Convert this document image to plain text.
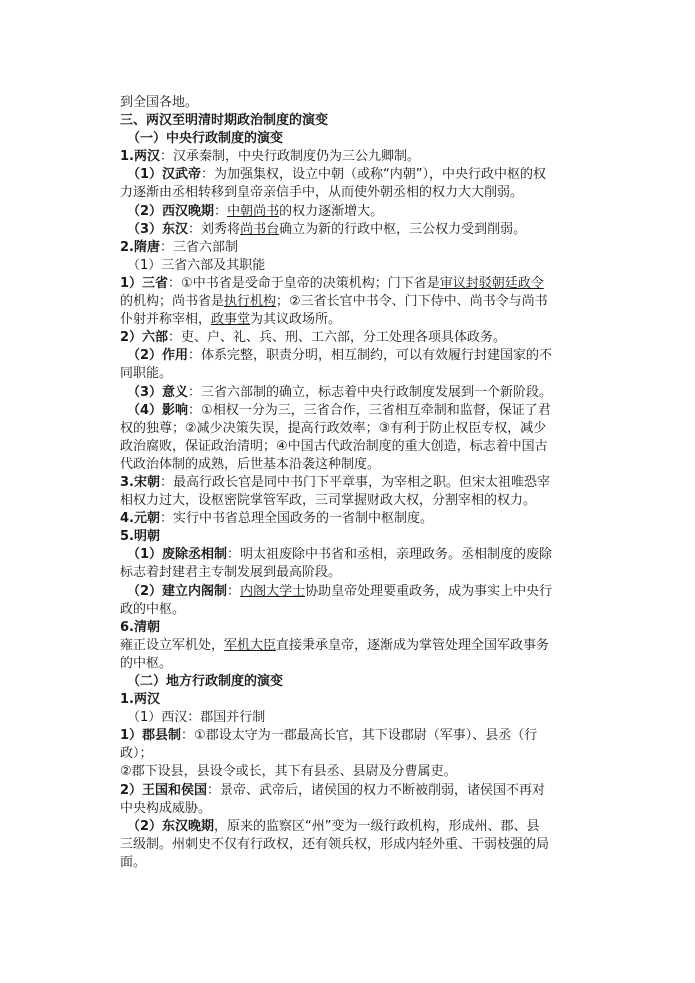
到全国各地。
三、两汉至明清时期政治制度的演变
（一）中央行政制度的演变
1.两汉：汉承秦制，中央行政制度仍为三公九卿制。
（1）汉武帝：为加强集权，设立中朝（或称“内朝”），中央行政中枢的权
力逐渐由丞相转移到皇帝亲信手中，从而使外朝丞相的权力大大削弱。
（2）西汉晚期：中朝尚书的权力逐渐增大。
（3）东汉：刘秀将尚书台确立为新的行政中枢，三公权力受到削弱。
2.隋唐：三省六部制
（1）三省六部及其职能
1）三省：①中书省是受命于皇帝的决策机构；门下省是审议封驳朝廷政令
的机构；尚书省是执行机构；②三省长官中书令、门下侍中、尚书令与尚书
仆射并称宰相，政事堂为其议政场所。
2）六部：吏、户、礼、兵、刑、工六部，分工处理各项具体政务。
（2）作用：体系完整，职责分明，相互制约，可以有效履行封建国家的不
同职能。
（3）意义：三省六部制的确立，标志着中央行政制度发展到一个新阶段。
（4）影响：①相权一分为三，三省合作，三省相互牵制和监督，保证了君
权的独尊；②减少决策失误，提高行政效率；③有利于防止权臣专权，减少
政治腐败，保证政治清明；④中国古代政治制度的重大创造，标志着中国古
代政治体制的成熟，后世基本沿袭这种制度。
3.宋朝：最高行政长官是同中书门下平章事，为宰相之职。但宋太祖唯恐宰
相权力过大，设枢密院掌管军政，三司掌握财政大权，分割宰相的权力。
4.元朝：实行中书省总理全国政务的一省制中枢制度。
5.明朝
（1）废除丞相制：明太祖废除中书省和丞相，亲理政务。丞相制度的废除
标志着封建君主专制发展到最高阶段。
（2）建立内阁制：内阁大学士协助皇帝处理要重政务，成为事实上中央行
政的中枢。
6.清朝
雍正设立军机处，军机大臣直接秉承皇帝，逐渐成为掌管处理全国军政事务
的中枢。
（二）地方行政制度的演变
1.两汉
（1）西汉：郡国并行制
1）郡县制：①郡设太守为一郡最高长官，其下设郡尉（军事）、县丞（行
政）；
②郡下设县，县设令或长，其下有县丞、县尉及分曹属吏。
2）王国和侯国：景帝、武帝后，诸侯国的权力不断被削弱，诸侯国不再对
中央构成威胁。
（2）东汉晚期，原来的监察区“州”变为一级行政机构，形成州、郡、县
三级制。州刺史不仅有行政权，还有领兵权，形成内轻外重、干弱枝强的局
面。
